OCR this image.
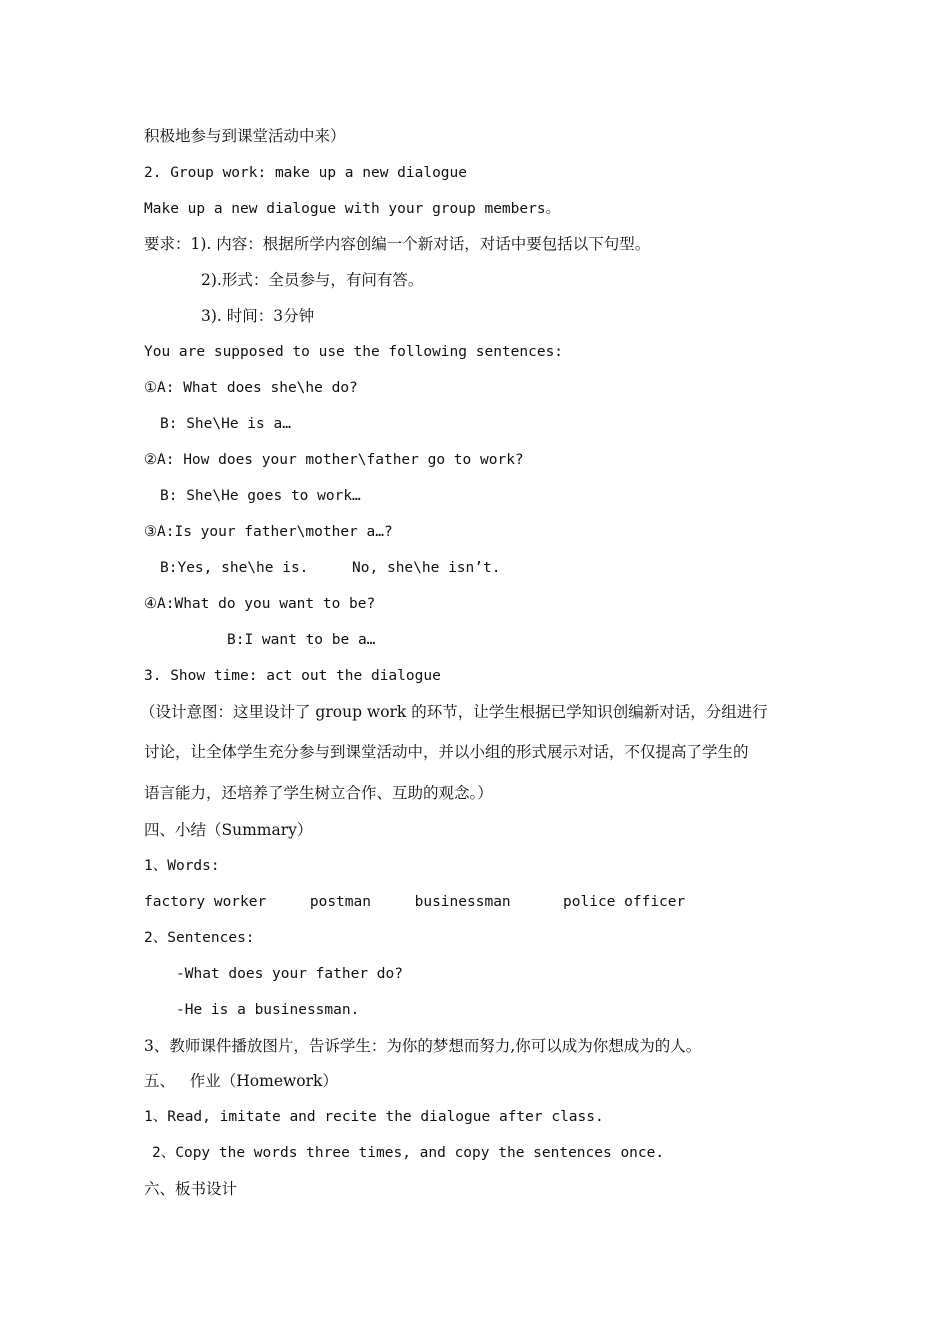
积极地参与到课堂活动中来）
2. Group work: make up a new dialogue
Make up a new dialogue with your group members。
要求：1). 内容：根据所学内容创编一个新对话，对话中要包括以下句型。
2).形式：全员参与，有问有答。
3). 时间：3分钟
You are supposed to use the following sentences:
①A: What does she\he do?
B: She\He is a…
②A: How does your mother\father go to work?
B: She\He goes to work…
③A:Is your father\mother a…?
B:Yes, she\he is.     No, she\he isn’t.
④A:What do you want to be?
B:I want to be a…
3. Show time: act out the dialogue
（设计意图：这里设计了 group work 的环节，让学生根据已学知识创编新对话，分组进行
讨论，让全体学生充分参与到课堂活动中，并以小组的形式展示对话，不仅提高了学生的
语言能力，还培养了学生树立合作、互助的观念。）
四、小结（Summary）
1、Words:
factory worker     postman     businessman      police officer
2、Sentences:
-What does your father do?
-He is a businessman.
3、教师课件播放图片，告诉学生：为你的梦想而努力,你可以成为你想成为的人。
五、   作业（Homework）
1、Read, imitate and recite the dialogue after class.
2、Copy the words three times, and copy the sentences once.
六、板书设计
